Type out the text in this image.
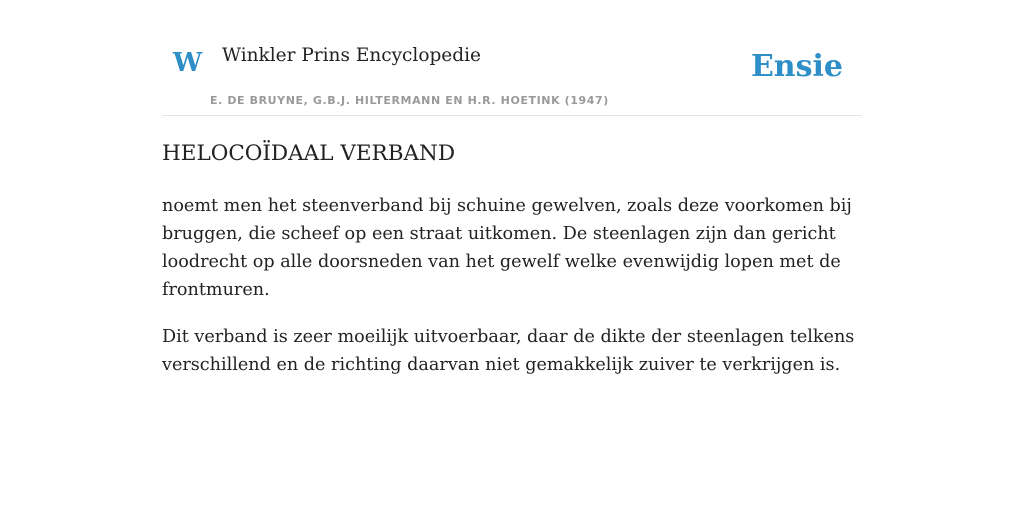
W Winkler Prins Encyclopedie
E. DE BRUYNE, G.B.J. HILTERMANN EN H.R. HOETINK (1947)
Ensie
HELOCOÏDAAL VERBAND

noemt men het steenverband bij schuine gewelven, zoals deze voorkomen bij bruggen, die scheef op een straat uitkomen. De steenlagen zijn dan gericht loodrecht op alle doorsneden van het gewelf welke evenwijdig lopen met de frontmuren.

Dit verband is zeer moeilijk uitvoerbaar, daar de dikte der steenlagen telkens verschillend en de richting daarvan niet gemakkelijk zuiver te verkrijgen is.
